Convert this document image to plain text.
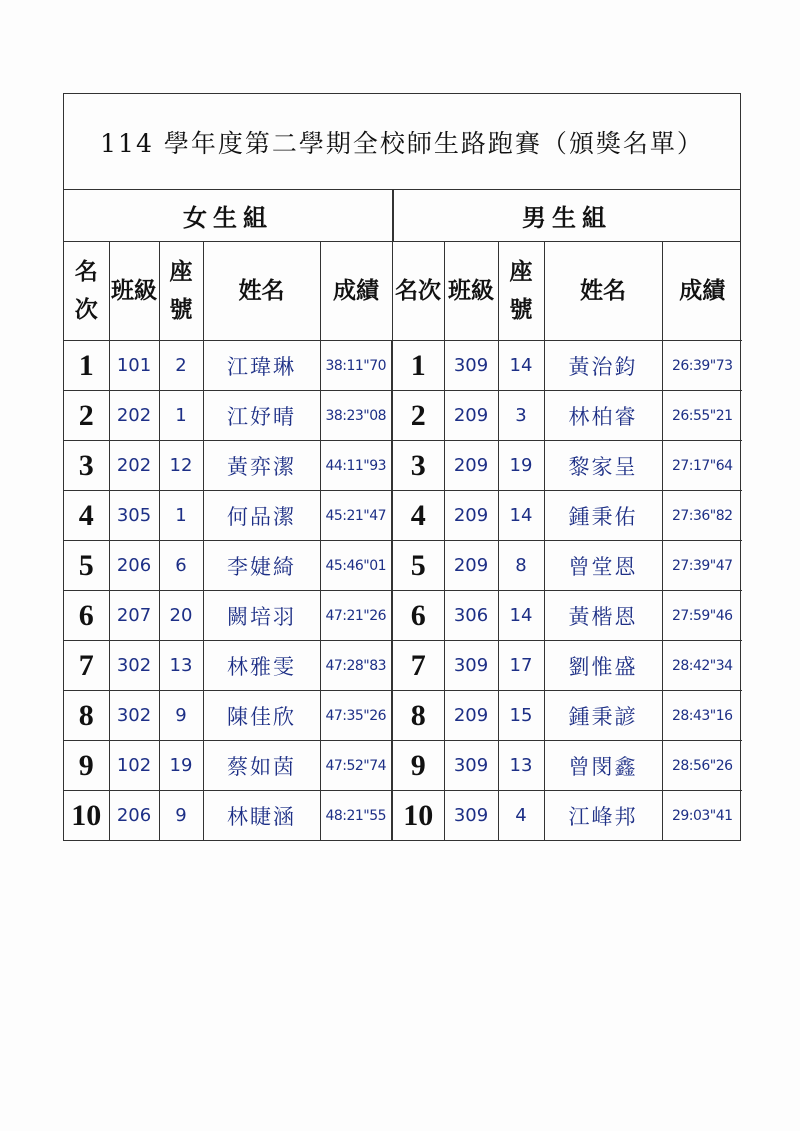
114 學年度第二學期全校師生路跑賽（頒獎名單）
女生組	男生組
名次	班級	座號	姓名	成績	名次	班級	座號	姓名	成績
1	101	2	江瑋琳	38:11"70	1	309	14	黃治鈞	26:39"73
2	202	1	江妤晴	38:23"08	2	209	3	林柏睿	26:55"21
3	202	12	黃弈潔	44:11"93	3	209	19	黎家呈	27:17"64
4	305	1	何品潔	45:21"47	4	209	14	鍾秉佑	27:36"82
5	206	6	李婕綺	45:46"01	5	209	8	曾堂恩	27:39"47
6	207	20	闕培羽	47:21"26	6	306	14	黃楷恩	27:59"46
7	302	13	林雅雯	47:28"83	7	309	17	劉惟盛	28:42"34
8	302	9	陳佳欣	47:35"26	8	209	15	鍾秉諺	28:43"16
9	102	19	蔡如茵	47:52"74	9	309	13	曾閔鑫	28:56"26
10	206	9	林睫涵	48:21"55	10	309	4	江峰邦	29:03"41
